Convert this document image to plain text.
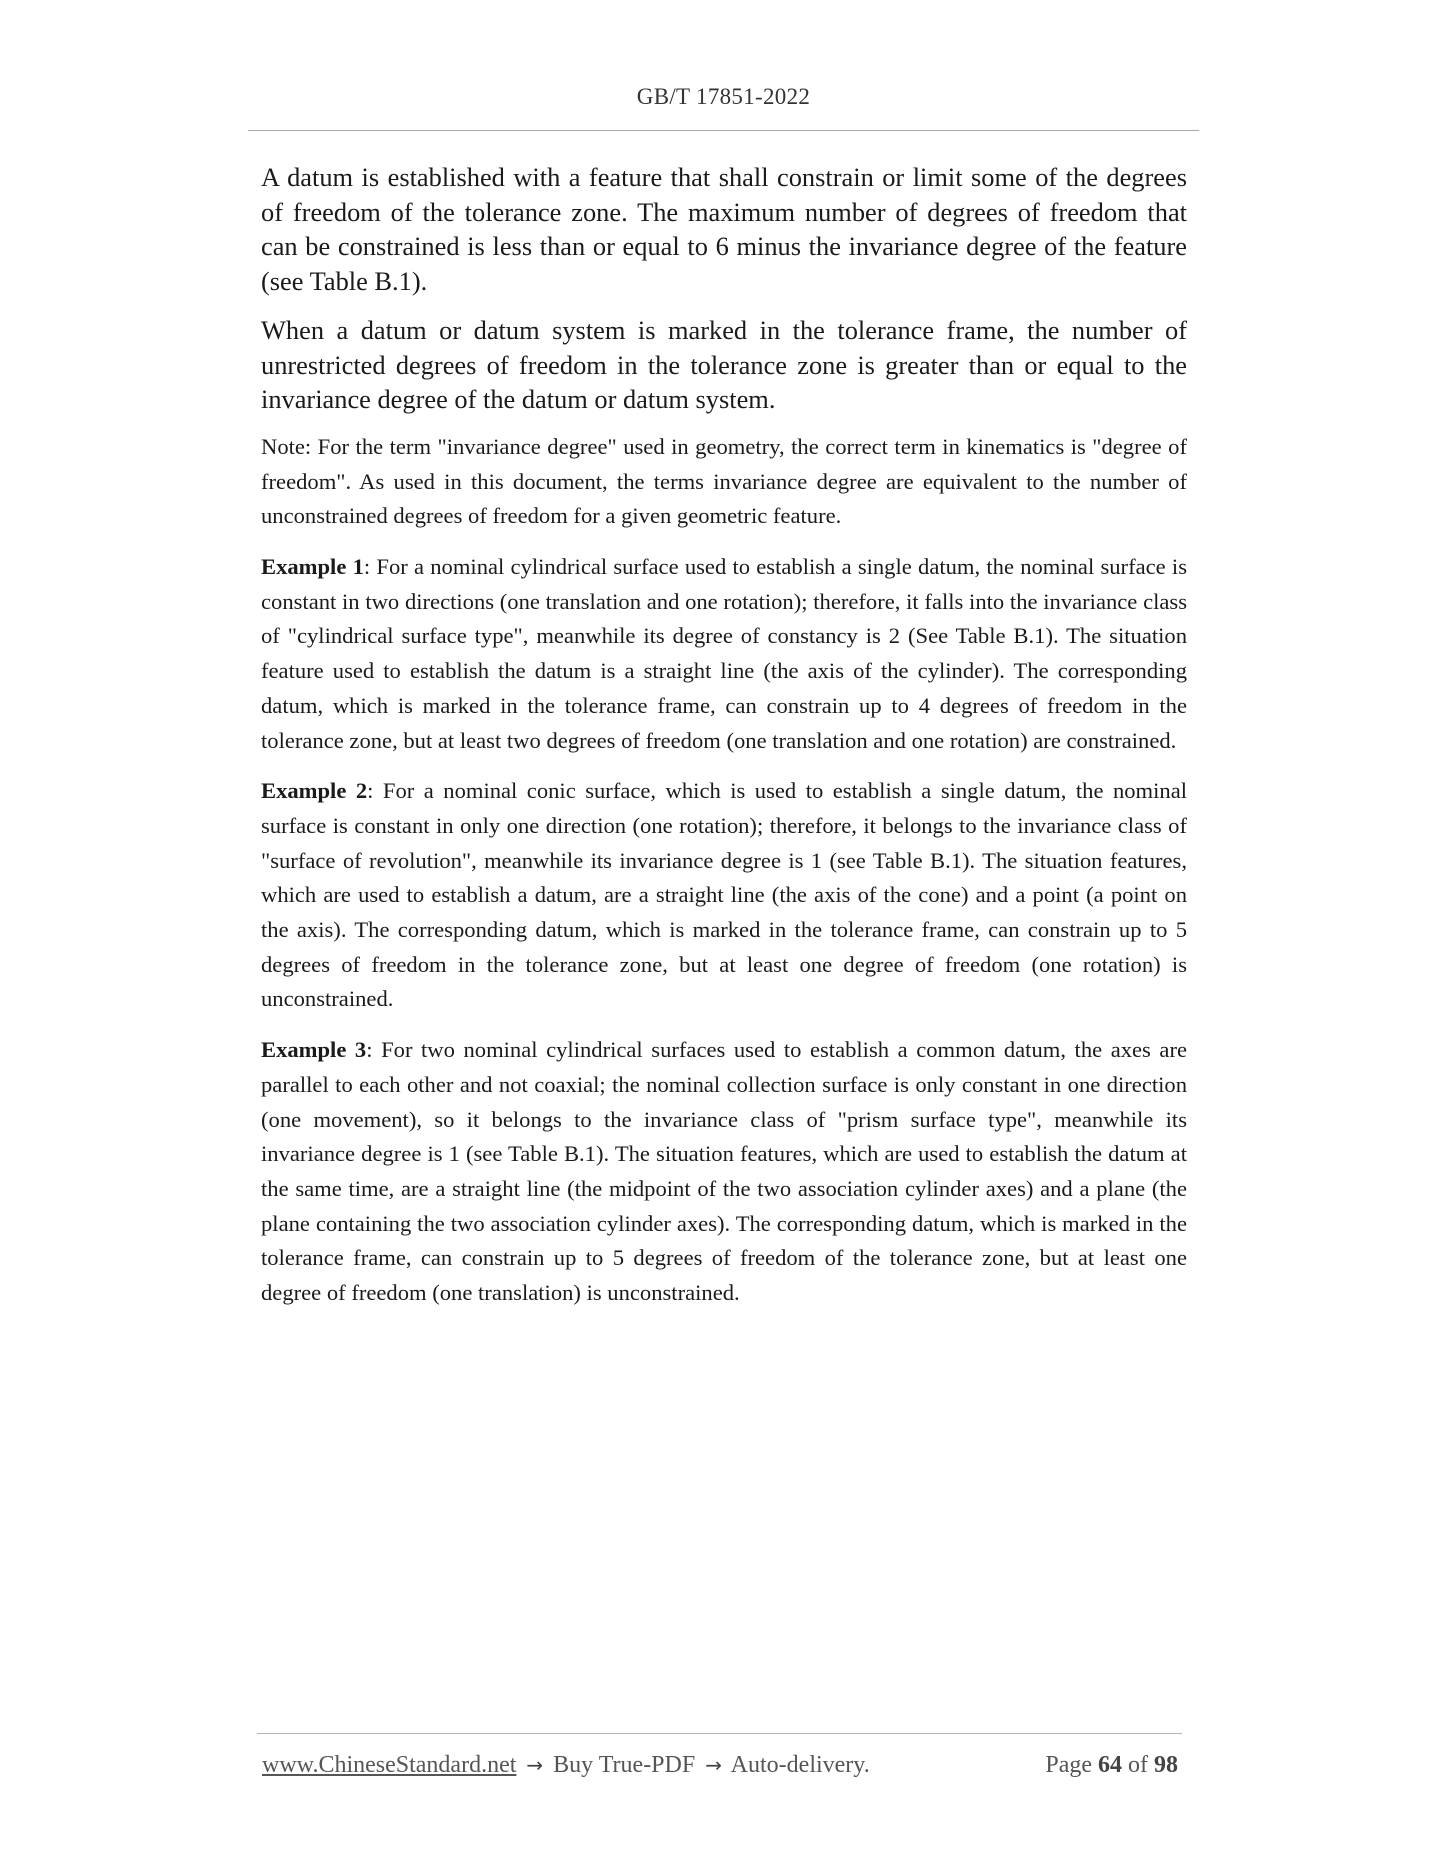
GB/T 17851-2022

A datum is established with a feature that shall constrain or limit some of the degrees of freedom of the tolerance zone. The maximum number of degrees of freedom that can be constrained is less than or equal to 6 minus the invariance degree of the feature (see Table B.1).

When a datum or datum system is marked in the tolerance frame, the number of unrestricted degrees of freedom in the tolerance zone is greater than or equal to the invariance degree of the datum or datum system.

Note: For the term "invariance degree" used in geometry, the correct term in kinematics is "degree of freedom". As used in this document, the terms invariance degree are equivalent to the number of unconstrained degrees of freedom for a given geometric feature.

Example 1: For a nominal cylindrical surface used to establish a single datum, the nominal surface is constant in two directions (one translation and one rotation); therefore, it falls into the invariance class of "cylindrical surface type", meanwhile its degree of constancy is 2 (See Table B.1). The situation feature used to establish the datum is a straight line (the axis of the cylinder). The corresponding datum, which is marked in the tolerance frame, can constrain up to 4 degrees of freedom in the tolerance zone, but at least two degrees of freedom (one translation and one rotation) are constrained.

Example 2: For a nominal conic surface, which is used to establish a single datum, the nominal surface is constant in only one direction (one rotation); therefore, it belongs to the invariance class of "surface of revolution", meanwhile its invariance degree is 1 (see Table B.1). The situation features, which are used to establish a datum, are a straight line (the axis of the cone) and a point (a point on the axis). The corresponding datum, which is marked in the tolerance frame, can constrain up to 5 degrees of freedom in the tolerance zone, but at least one degree of freedom (one rotation) is unconstrained.

Example 3: For two nominal cylindrical surfaces used to establish a common datum, the axes are parallel to each other and not coaxial; the nominal collection surface is only constant in one direction (one movement), so it belongs to the invariance class of "prism surface type", meanwhile its invariance degree is 1 (see Table B.1). The situation features, which are used to establish the datum at the same time, are a straight line (the midpoint of the two association cylinder axes) and a plane (the plane containing the two association cylinder axes). The corresponding datum, which is marked in the tolerance frame, can constrain up to 5 degrees of freedom of the tolerance zone, but at least one degree of freedom (one translation) is unconstrained.

www.ChineseStandard.net → Buy True-PDF → Auto-delivery.	Page 64 of 98
